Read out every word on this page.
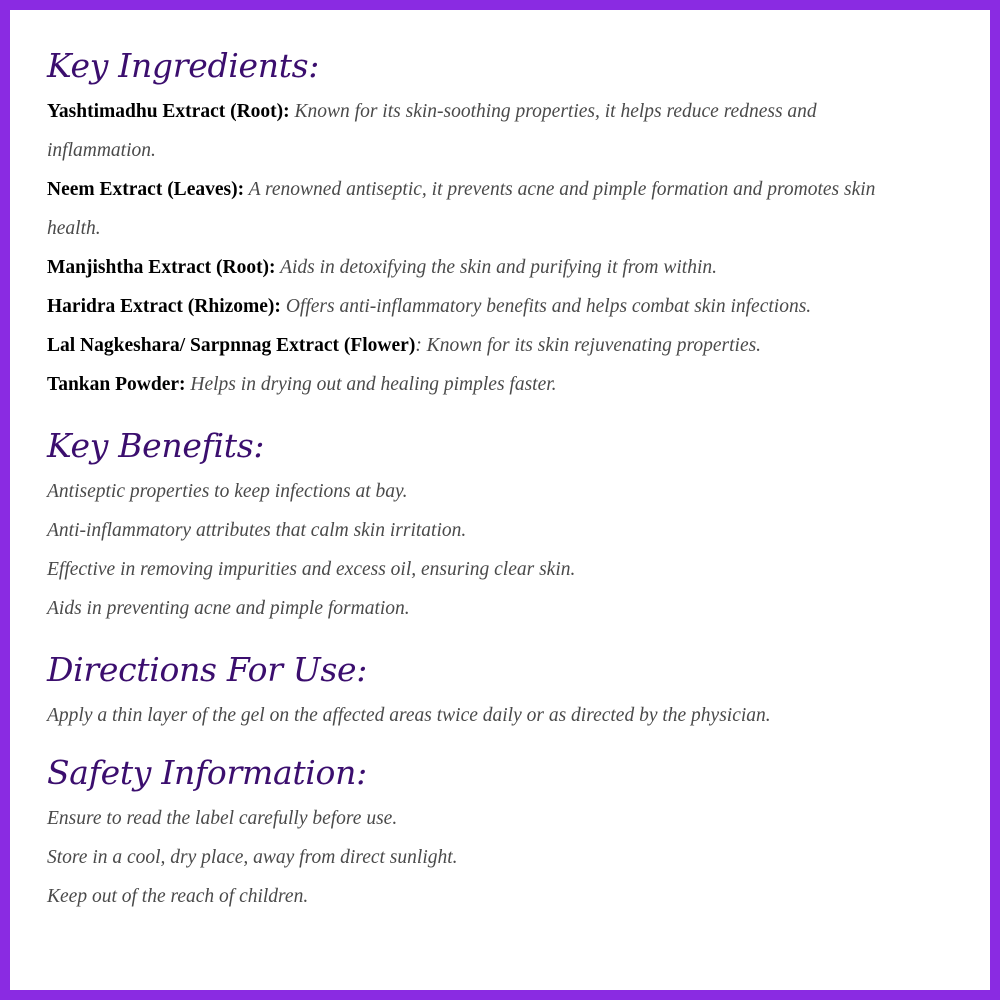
Key Ingredients:

Yashtimadhu Extract (Root): Known for its skin-soothing properties, it helps reduce redness and

inflammation.

Neem Extract (Leaves): A renowned antiseptic, it prevents acne and pimple formation and promotes skin

health.

Manjishtha Extract (Root): Aids in detoxifying the skin and purifying it from within.

Haridra Extract (Rhizome): Offers anti-inflammatory benefits and helps combat skin infections.

Lal Nagkeshara/ Sarpnnag Extract (Flower): Known for its skin rejuvenating properties.

Tankan Powder: Helps in drying out and healing pimples faster.

Key Benefits:

Antiseptic properties to keep infections at bay.

Anti-inflammatory attributes that calm skin irritation.

Effective in removing impurities and excess oil, ensuring clear skin.

Aids in preventing acne and pimple formation.

Directions For Use:

Apply a thin layer of the gel on the affected areas twice daily or as directed by the physician.

Safety Information:

Ensure to read the label carefully before use.

Store in a cool, dry place, away from direct sunlight.

Keep out of the reach of children.
